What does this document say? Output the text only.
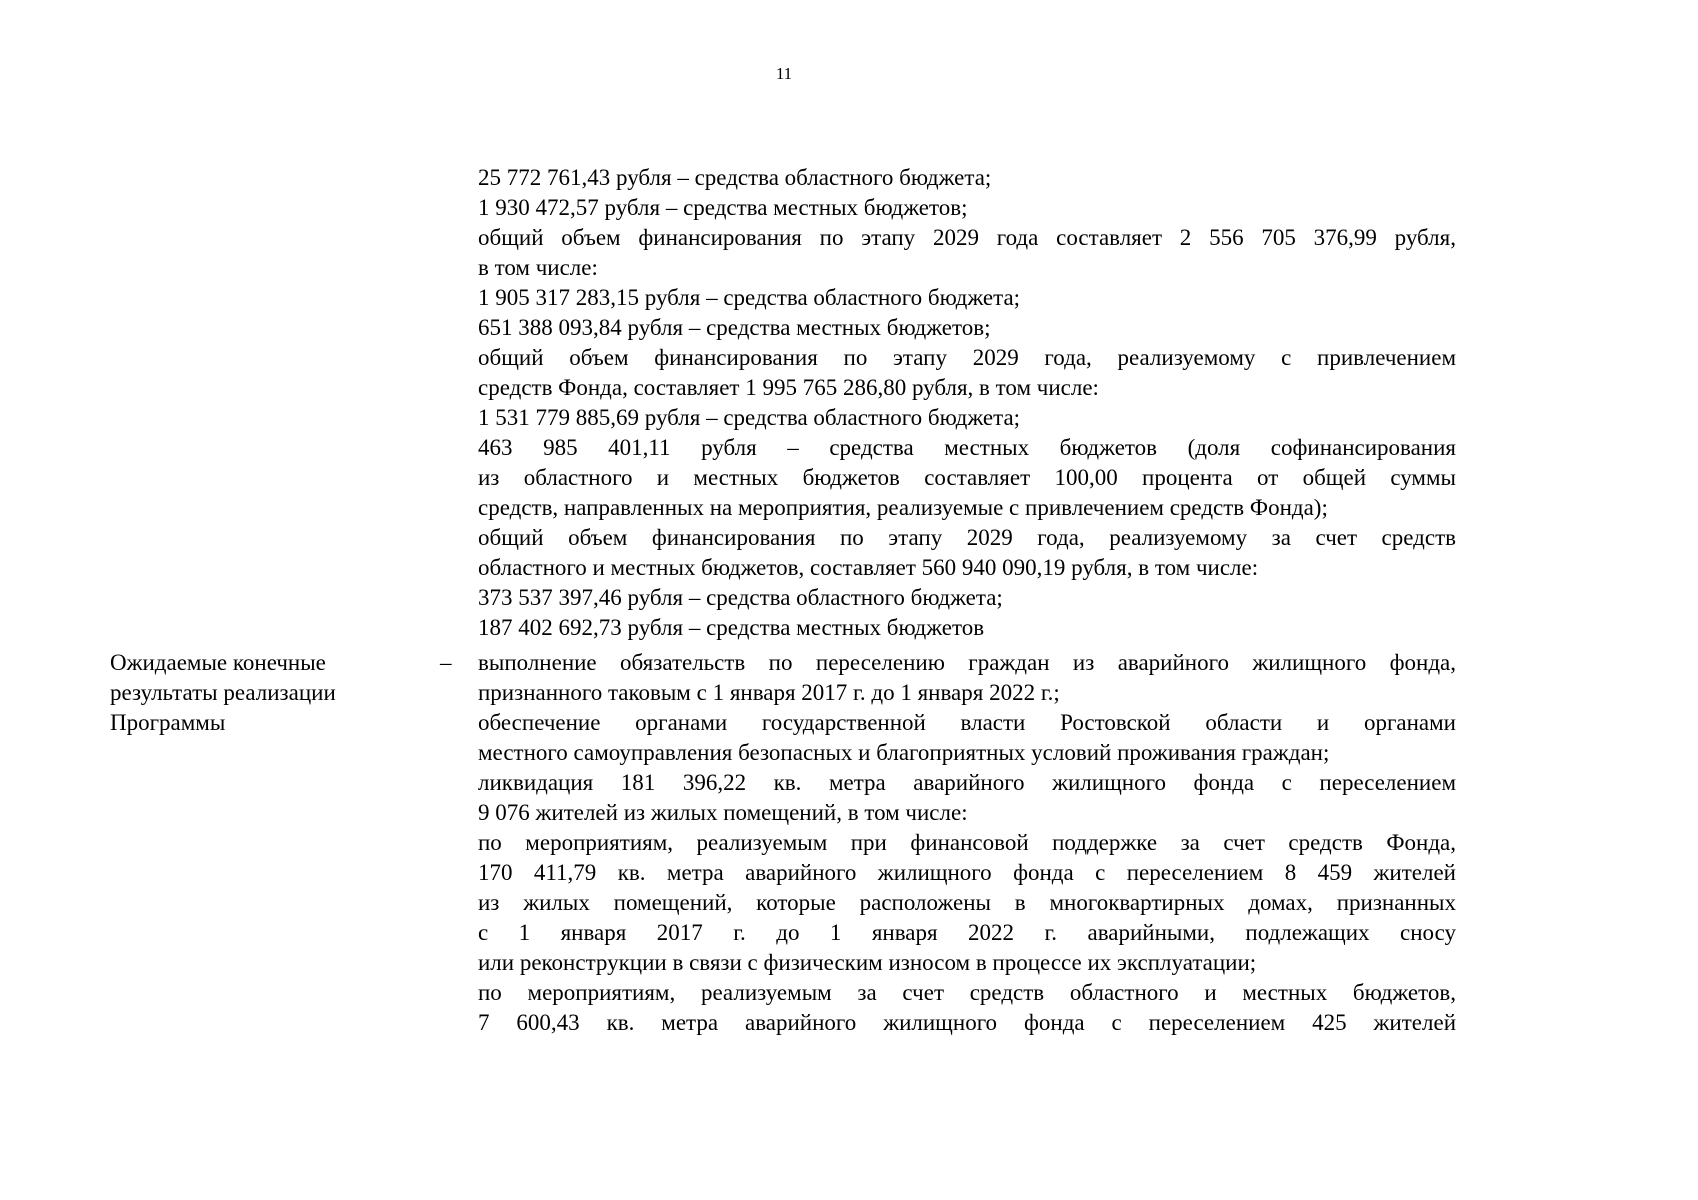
11
25 772 761,43 рубля – средства областного бюджета;
1 930 472,57 рубля – средства местных бюджетов;
общий объем финансирования по этапу 2029 года составляет 2 556 705 376,99 рубля,
в том числе:
1 905 317 283,15 рубля – средства областного бюджета;
651 388 093,84 рубля – средства местных бюджетов;
общий объем финансирования по этапу 2029 года, реализуемому с привлечением
средств Фонда, составляет 1 995 765 286,80 рубля, в том числе:
1 531 779 885,69 рубля – средства областного бюджета;
463 985 401,11 рубля – средства местных бюджетов (доля софинансирования
из областного и местных бюджетов составляет 100,00 процента от общей суммы
средств, направленных на мероприятия, реализуемые с привлечением средств Фонда);
общий объем финансирования по этапу 2029 года, реализуемому за счет средств
областного и местных бюджетов, составляет 560 940 090,19 рубля, в том числе:
373 537 397,46 рубля – средства областного бюджета;
187 402 692,73 рубля – средства местных бюджетов
Ожидаемые конечные
результаты реализации
Программы
– выполнение обязательств по переселению граждан из аварийного жилищного фонда,
признанного таковым с 1 января 2017 г. до 1 января 2022 г.;
обеспечение органами государственной власти Ростовской области и органами
местного самоуправления безопасных и благоприятных условий проживания граждан;
ликвидация 181 396,22 кв. метра аварийного жилищного фонда с переселением
9 076 жителей из жилых помещений, в том числе:
по мероприятиям, реализуемым при финансовой поддержке за счет средств Фонда,
170 411,79 кв. метра аварийного жилищного фонда с переселением 8 459 жителей
из жилых помещений, которые расположены в многоквартирных домах, признанных
с 1 января 2017 г. до 1 января 2022 г. аварийными, подлежащих сносу
или реконструкции в связи с физическим износом в процессе их эксплуатации;
по мероприятиям, реализуемым за счет средств областного и местных бюджетов,
7 600,43 кв. метра аварийного жилищного фонда с переселением 425 жителей
